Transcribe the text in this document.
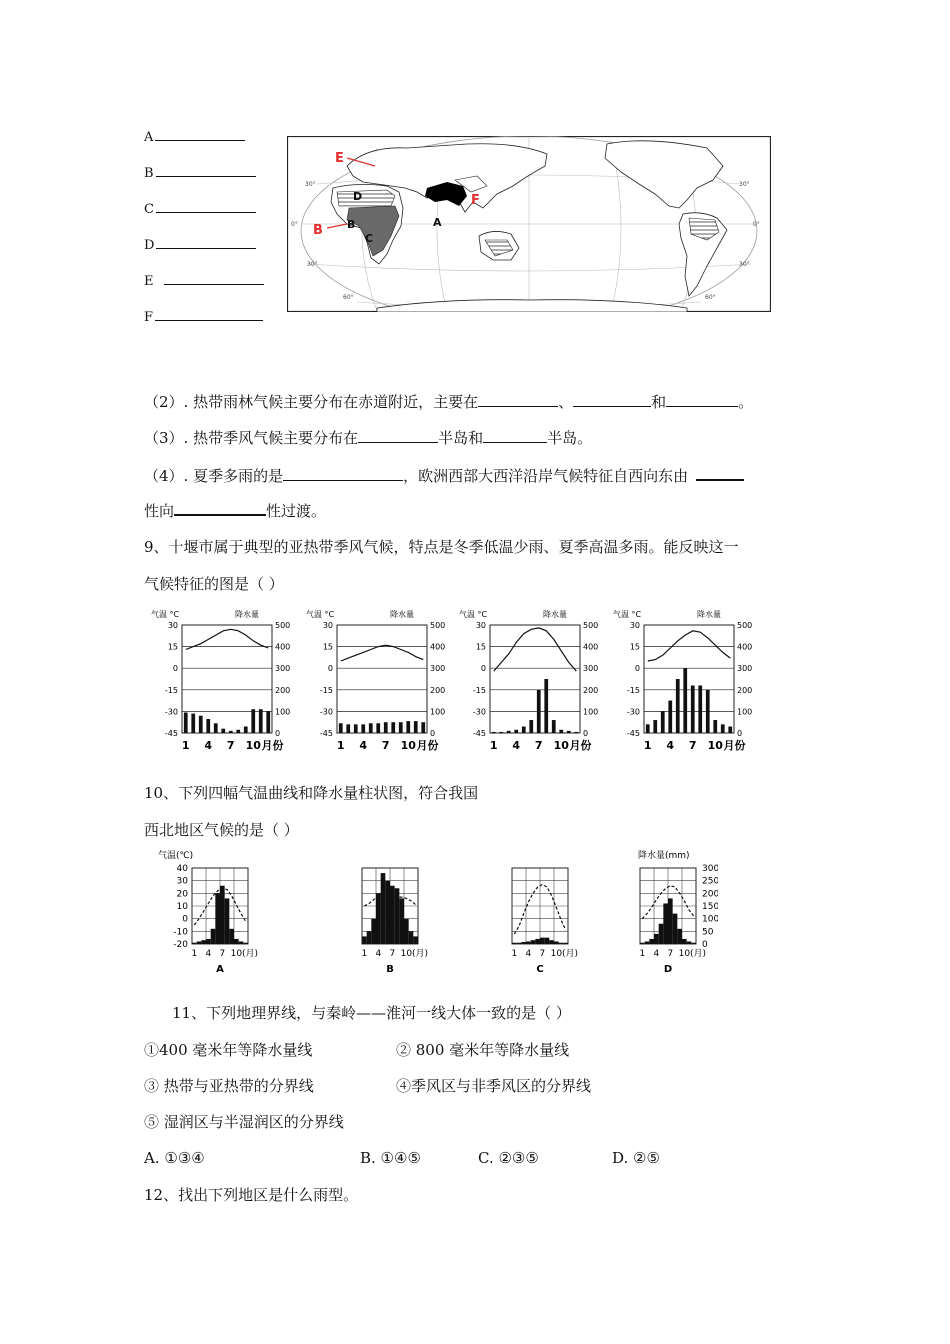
A
B
C
D
E
F
30°
0°
30°
60°
30°
0°
30°
60°
E
F
D
B B
C
A
（2）. 热带雨林气候主要分布在赤道附近，主要在	、	和	。
（3）. 热带季风气候主要分布在	半岛和	半岛。
（4）. 夏季多雨的是	，欧洲西部大西洋沿岸气候特征自西向东由
性向	性过渡。
9、十堰市属于典型的亚热带季风气候，特点是冬季低温少雨、夏季高温多雨。能反映这一
气候特征的图是（ ）
气温 °C	降水量
30	500
15	400
0	300
-15	200
-30	100
-45	0
1 4 7 10 月份
气温 °C	降水量
30	500
15	400
0	300
-15	200
-30	100
-45	0
1 4 7 10 月份
气温 °C	降水量
30	500
15	400
0	300
-15	200
-30	100
-45	0
1 4 7 10 月份
气温 °C	降水量
30	500
15	400
0	300
-15	200
-30	100
-45	0
1 4 7 10 月份
10、下列四幅气温曲线和降水量柱状图，符合我国
西北地区气候的是（ ）
气温(℃)	降水量(mm)
40
30
20
10
0
-10
-20
1 4 7 10 (月)
A
1 4 7 10 (月)
B
1 4 7 10 (月)
C
300
250
200
150
100
50
0
1 4 7 10 (月)
D
11、下列地理界线，与秦岭——淮河一线大体一致的是（ ）
①400 毫米年等降水量线	② 800 毫米年等降水量线
③ 热带与亚热带的分界线	④季风区与非季风区的分界线
⑤ 湿润区与半湿润区的分界线
A. ①③④	B. ①④⑤	C. ②③⑤	D. ②⑤
12、找出下列地区是什么雨型。
